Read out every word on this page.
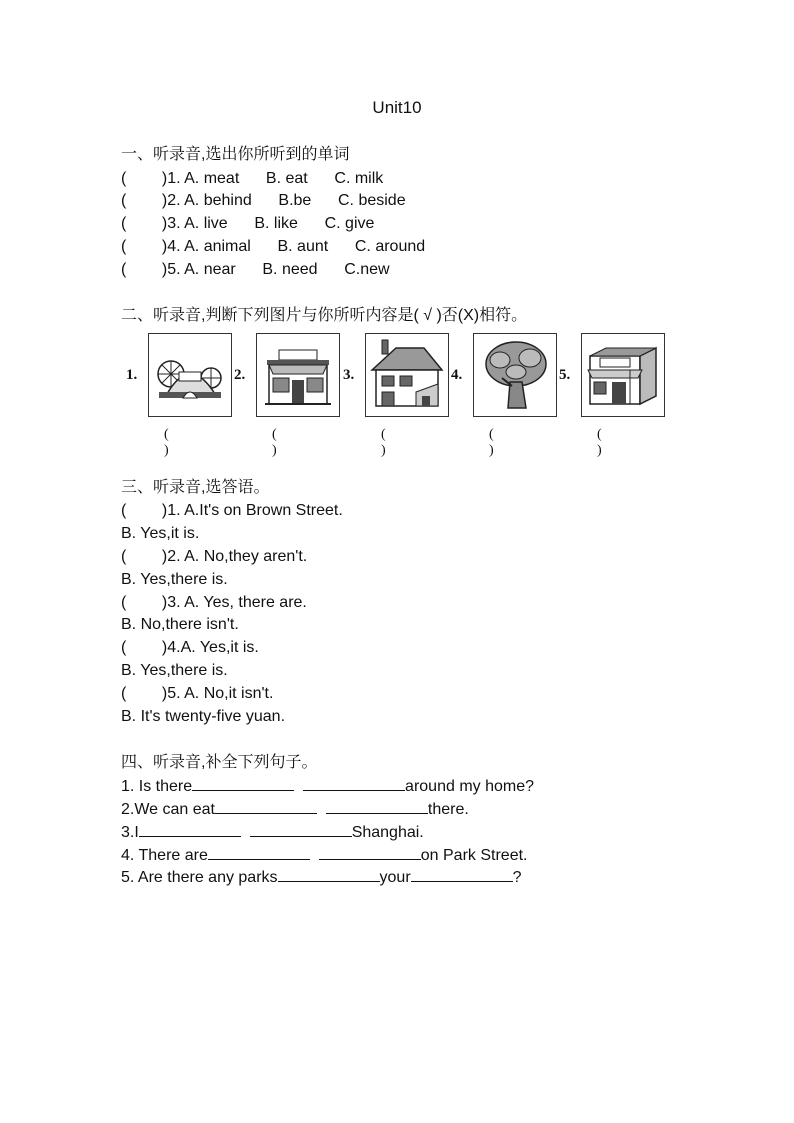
Unit10
一、听录音,选出你所听到的单词
(        )1. A. meat      B. eat      C. milk
(        )2. A. behind      B.be      C. beside
(        )3. A. live      B. like      C. give
(        )4. A. animal      B. aunt      C. around
(        )5. A. near      B. need      C.new
二、听录音,判断下列图片与你所听内容是( √ )否(X)相符。
1.
( )
2.
( )
3.
( )
4.
( )
5.
( )
三、听录音,选答语。
(        )1. A.It's on Brown Street.
B. Yes,it is.
(        )2. A. No,they aren't.
B. Yes,there is.
(        )3. A. Yes, there are.
B. No,there isn't.
(        )4.A. Yes,it is.
B. Yes,there is.
(        )5. A. No,it isn't.
B. It's twenty-five yuan.
四、听录音,补全下列句子。
1. Is there	around my home?
2.We can eat	there.
3.I	Shanghai.
4. There are	on Park Street.
5. Are there any parks	your	?
